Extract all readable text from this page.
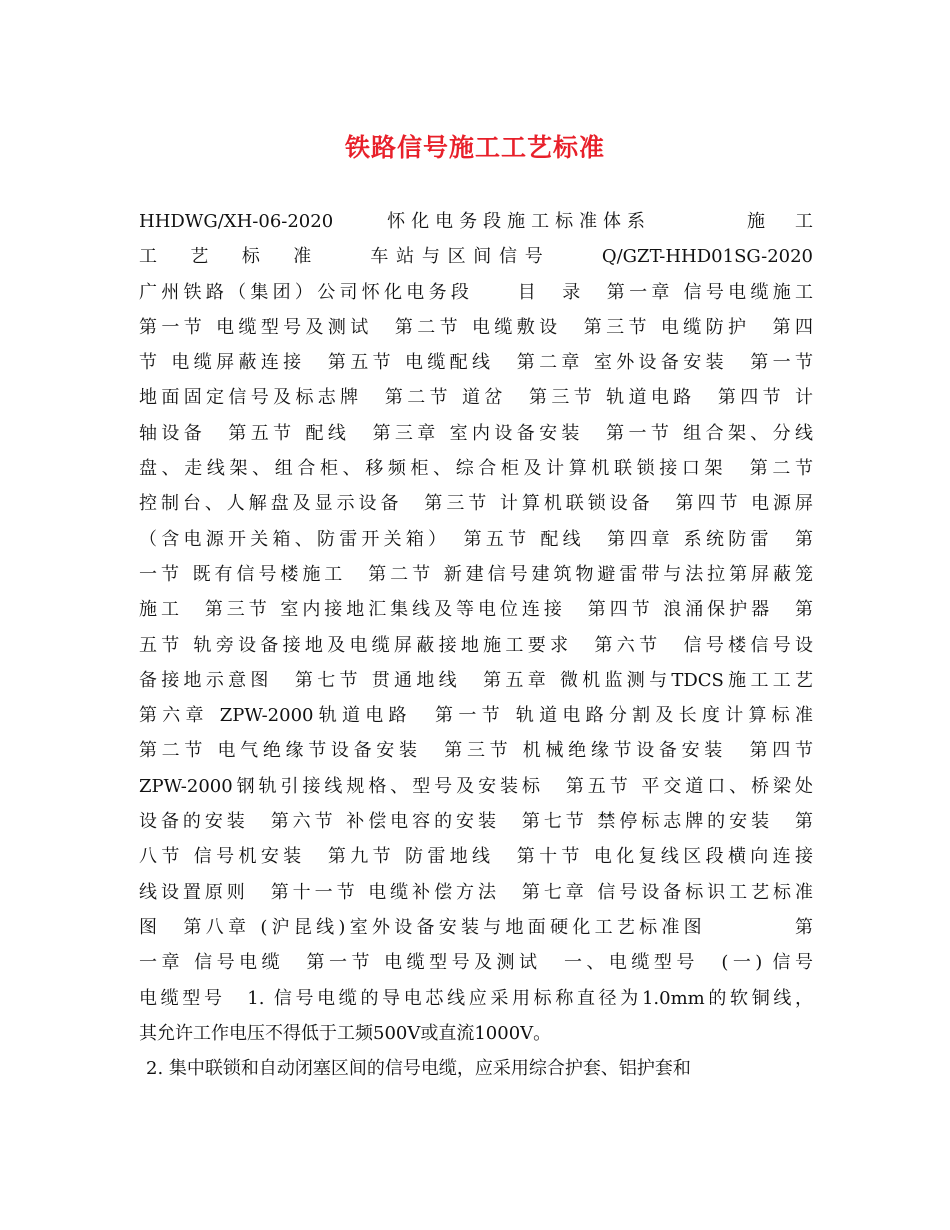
铁路信号施工工艺标准
HHDWG/XH-06-2020　　怀化电务段施工标准体系　　　　施　工
工　艺　标　准　　车站与区间信号　　Q/GZT-HHD01SG-2020
广州铁路（集团）公司怀化电务段　　目　录　第一章 信号电缆施工
第一节 电缆型号及测试　第二节 电缆敷设　第三节 电缆防护　第四
节 电缆屏蔽连接　第五节 电缆配线　第二章 室外设备安装　第一节
地面固定信号及标志牌　第二节 道岔　第三节 轨道电路　第四节 计
轴设备　第五节 配线　第三章 室内设备安装　第一节 组合架、分线
盘、走线架、组合柜、移频柜、综合柜及计算机联锁接口架　第二节
控制台、人解盘及显示设备　第三节 计算机联锁设备　第四节 电源屏
（含电源开关箱、防雷开关箱）　第五节 配线　第四章 系统防雷　第
一节 既有信号楼施工　第二节 新建信号建筑物避雷带与法拉第屏蔽笼
施工　第三节 室内接地汇集线及等电位连接　第四节 浪涌保护器　第
五节 轨旁设备接地及电缆屏蔽接地施工要求　第六节　信号楼信号设
备接地示意图　第七节 贯通地线　第五章 微机监测与TDCS施工工艺
第六章 ZPW-2000轨道电路　第一节 轨道电路分割及长度计算标准
第二节 电气绝缘节设备安装　第三节 机械绝缘节设备安装　第四节
ZPW-2000钢轨引接线规格、型号及安装标　第五节 平交道口、桥梁处
设备的安装　第六节 补偿电容的安装　第七节 禁停标志牌的安装　第
八节 信号机安装　第九节 防雷地线　第十节 电化复线区段横向连接
线设置原则　第十一节 电缆补偿方法　第七章 信号设备标识工艺标准
图　第八章 (沪昆线)室外设备安装与地面硬化工艺标准图　　　　第
一章 信号电缆　第一节 电缆型号及测试　一、电缆型号　(一) 信号
电缆型号　1. 信号电缆的导电芯线应采用标称直径为1.0mm的软铜线，
其允许工作电压不得低于工频500V或直流1000V。
2. 集中联锁和自动闭塞区间的信号电缆，应采用综合护套、铝护套和
